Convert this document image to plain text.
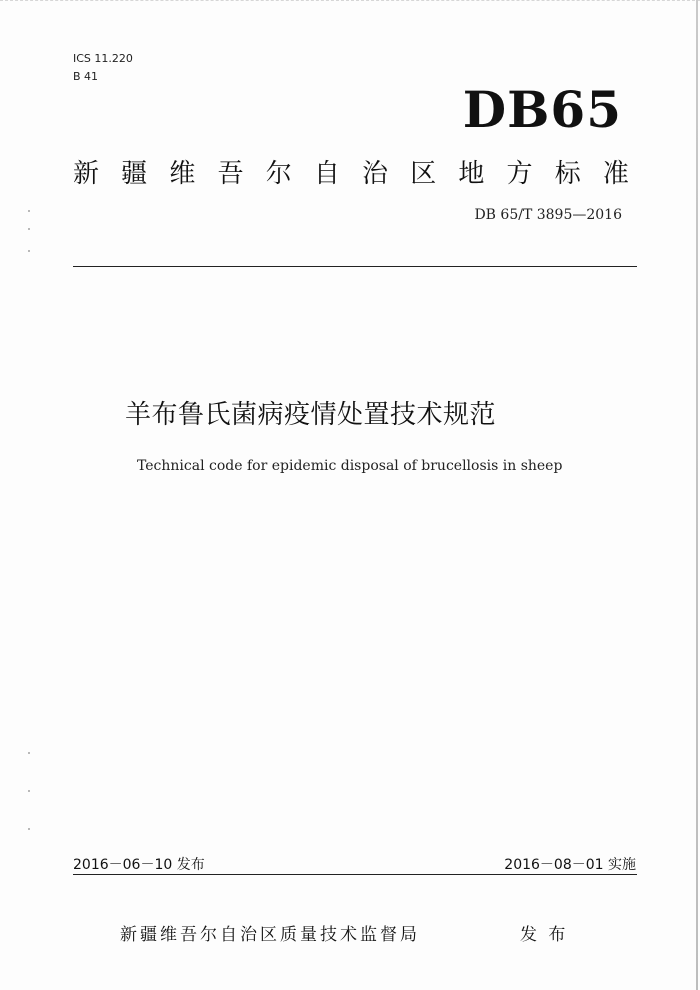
ICS 11.220
B 41
DB65
新 疆 维 吾 尔 自 治 区 地 方 标 准
DB 65/T 3895—2016
羊布鲁氏菌病疫情处置技术规范
Technical code for epidemic disposal of brucellosis in sheep
2016－06－10 发布	2016－08－01 实施
新疆维吾尔自治区质量技术监督局	发 布
